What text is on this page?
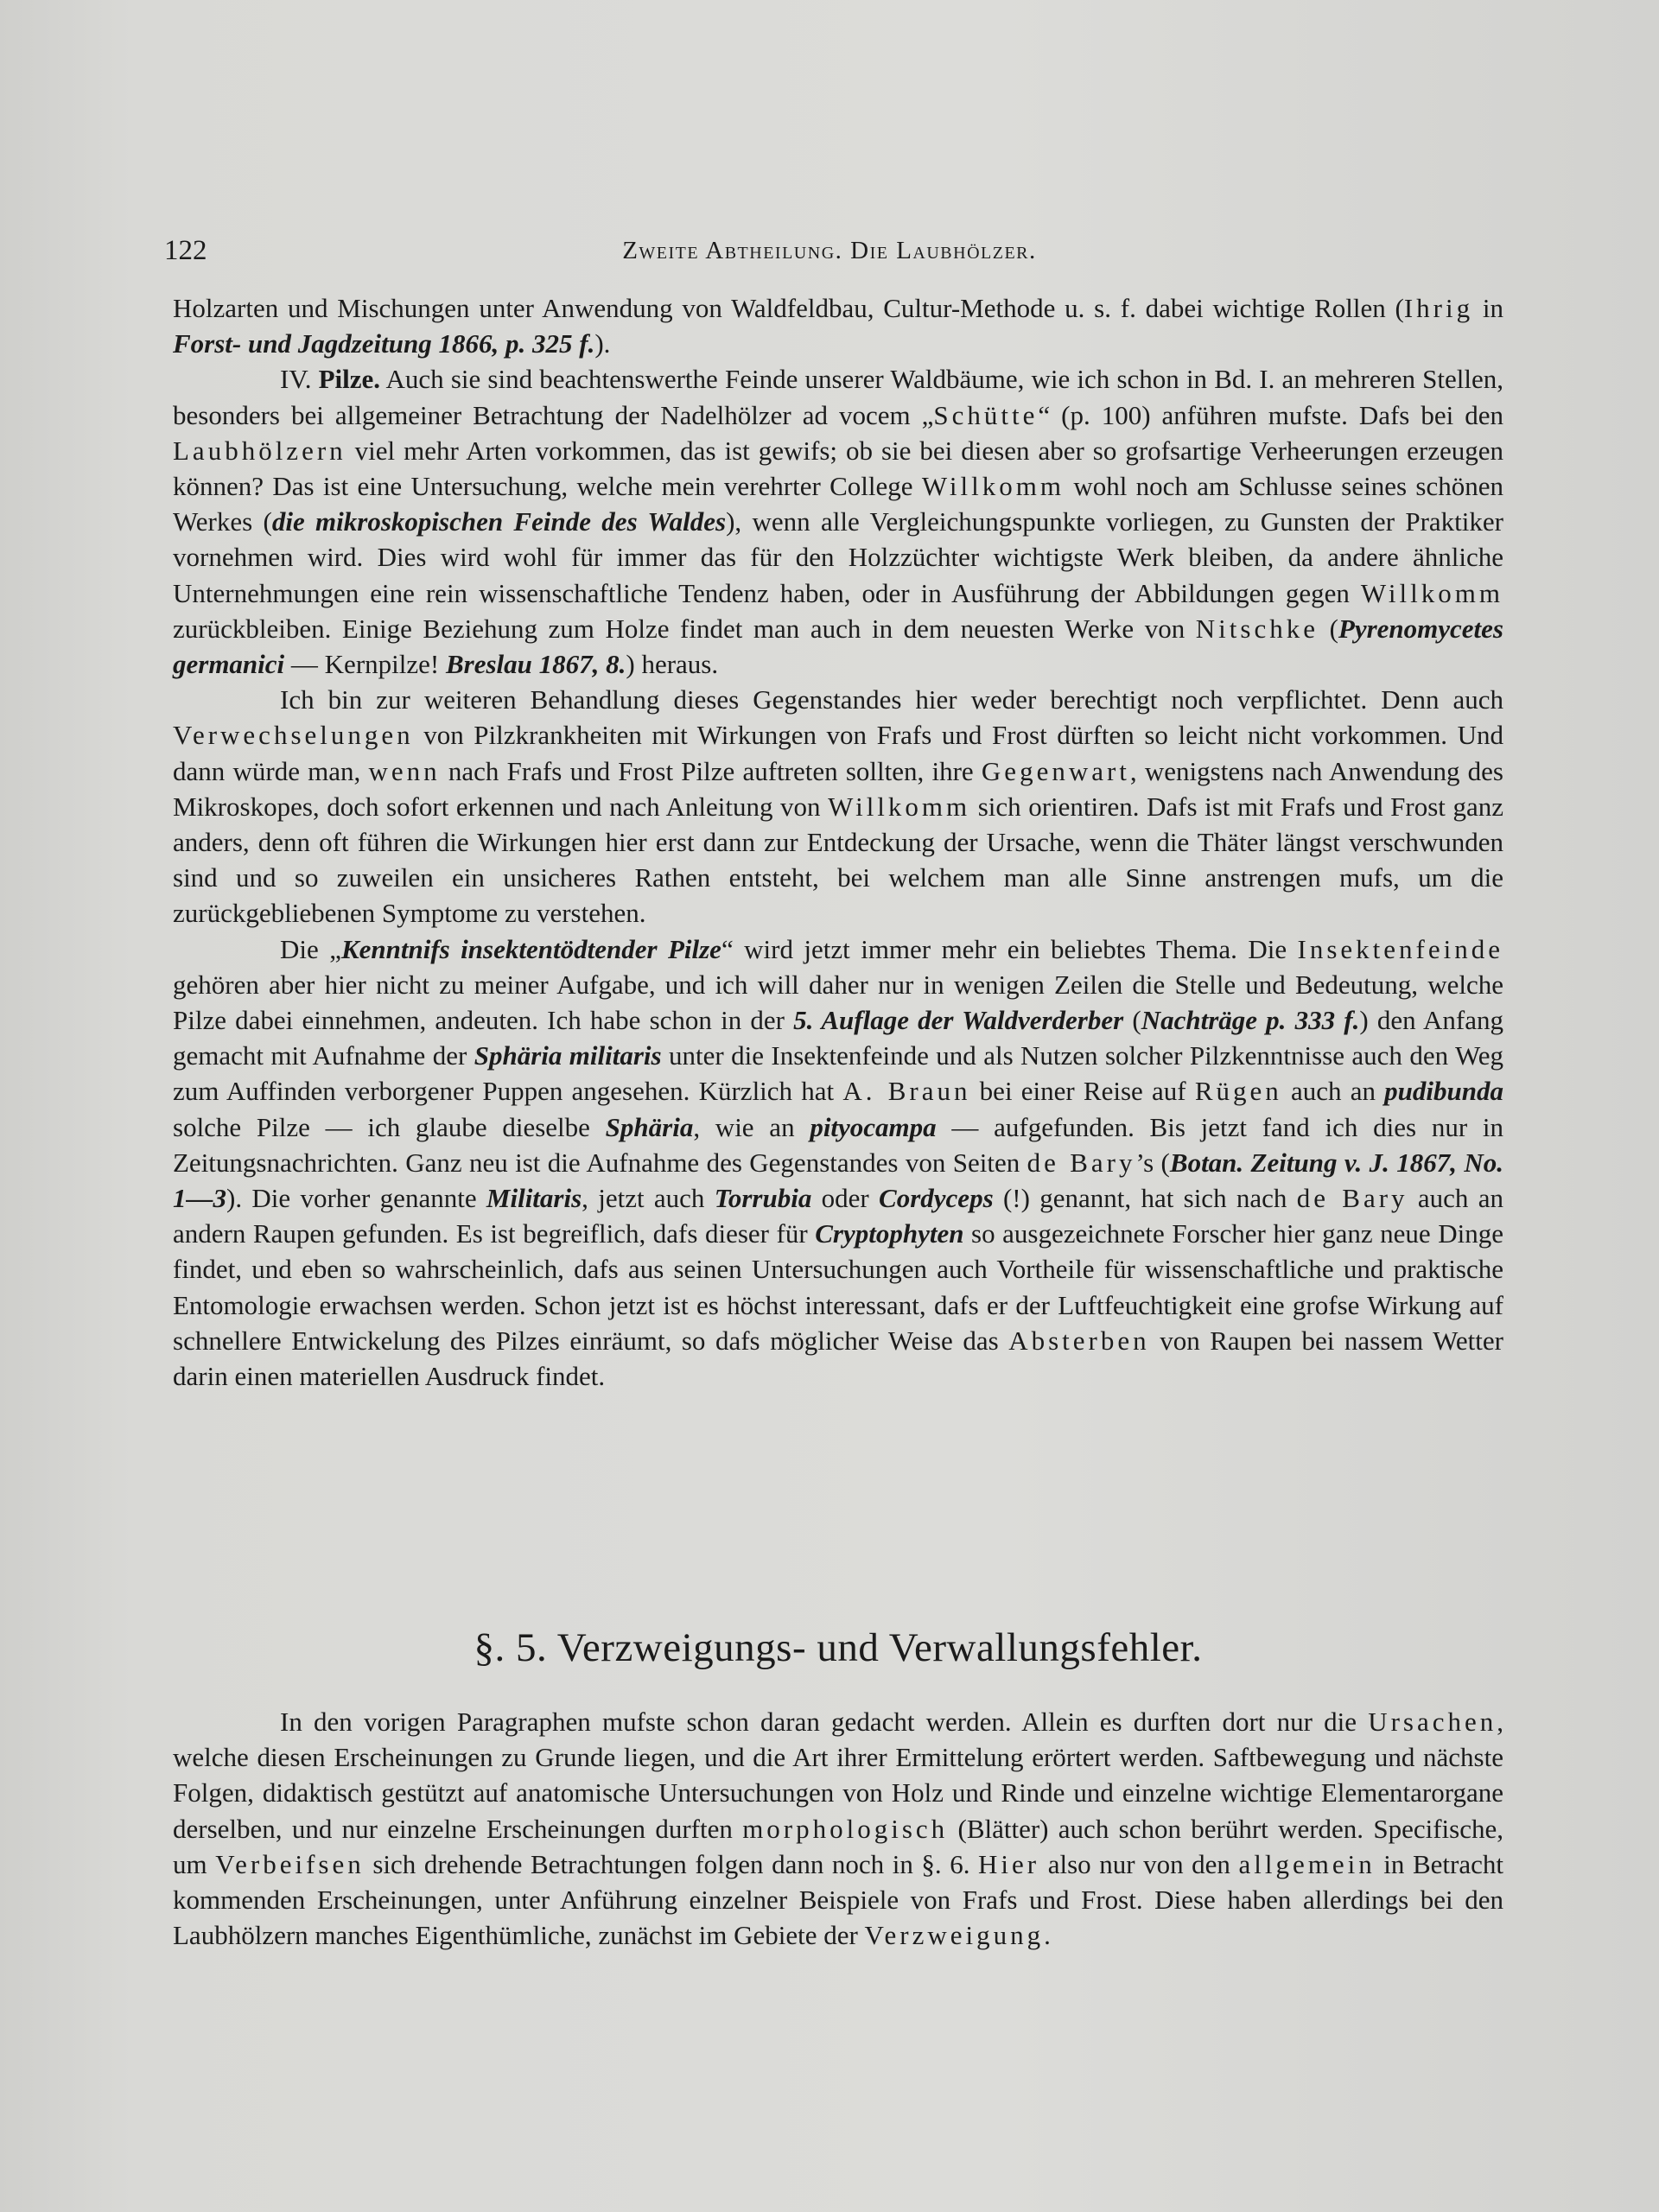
122	Zweite Abtheilung. Die Laubhölzer.

Holzarten und Mischungen unter Anwendung von Waldfeldbau, Cultur-Methode u. s. f. dabei wichtige Rollen (Ihrig in Forst- und Jagdzeitung 1866, p. 325 f.).

IV. Pilze. Auch sie sind beachtenswerthe Feinde unserer Waldbäume, wie ich schon in Bd. I. an mehreren Stellen, besonders bei allgemeiner Betrachtung der Nadelhölzer ad vocem „Schütte“ (p. 100) anführen mufste. Dafs bei den Laubhölzern viel mehr Arten vorkommen, das ist gewifs; ob sie bei diesen aber so grofsartige Verheerungen erzeugen können? Das ist eine Untersuchung, welche mein verehrter College Willkomm wohl noch am Schlusse seines schönen Werkes (die mikroskopischen Feinde des Waldes), wenn alle Vergleichungspunkte vorliegen, zu Gunsten der Praktiker vornehmen wird. Dies wird wohl für immer das für den Holzzüchter wichtigste Werk bleiben, da andere ähnliche Unternehmungen eine rein wissenschaftliche Tendenz haben, oder in Ausführung der Abbildungen gegen Willkomm zurückbleiben. Einige Beziehung zum Holze findet man auch in dem neuesten Werke von Nitschke (Pyrenomycetes germanici — Kernpilze! Breslau 1867, 8.) heraus.

Ich bin zur weiteren Behandlung dieses Gegenstandes hier weder berechtigt noch verpflichtet. Denn auch Verwechselungen von Pilzkrankheiten mit Wirkungen von Frafs und Frost dürften so leicht nicht vorkommen. Und dann würde man, wenn nach Frafs und Frost Pilze auftreten sollten, ihre Gegenwart, wenigstens nach Anwendung des Mikroskopes, doch sofort erkennen und nach Anleitung von Willkomm sich orientiren. Dafs ist mit Frafs und Frost ganz anders, denn oft führen die Wirkungen hier erst dann zur Entdeckung der Ursache, wenn die Thäter längst verschwunden sind und so zuweilen ein unsicheres Rathen entsteht, bei welchem man alle Sinne anstrengen mufs, um die zurückgebliebenen Symptome zu verstehen.

Die „Kenntnifs insektentödtender Pilze“ wird jetzt immer mehr ein beliebtes Thema. Die Insektenfeinde gehören aber hier nicht zu meiner Aufgabe, und ich will daher nur in wenigen Zeilen die Stelle und Bedeutung, welche Pilze dabei einnehmen, andeuten. Ich habe schon in der 5. Auflage der Waldverderber (Nachträge p. 333 f.) den Anfang gemacht mit Aufnahme der Sphäria militaris unter die Insektenfeinde und als Nutzen solcher Pilzkenntnisse auch den Weg zum Auffinden verborgener Puppen angesehen. Kürzlich hat A. Braun bei einer Reise auf Rügen auch an pudibunda solche Pilze — ich glaube dieselbe Sphäria, wie an pityocampa — aufgefunden. Bis jetzt fand ich dies nur in Zeitungsnachrichten. Ganz neu ist die Aufnahme des Gegenstandes von Seiten de Bary’s (Botan. Zeitung v. J. 1867, No. 1—3). Die vorher genannte Militaris, jetzt auch Torrubia oder Cordyceps (!) genannt, hat sich nach de Bary auch an andern Raupen gefunden. Es ist begreiflich, dafs dieser für Cryptophyten so ausgezeichnete Forscher hier ganz neue Dinge findet, und eben so wahrscheinlich, dafs aus seinen Untersuchungen auch Vortheile für wissenschaftliche und praktische Entomologie erwachsen werden. Schon jetzt ist es höchst interessant, dafs er der Luftfeuchtigkeit eine grofse Wirkung auf schnellere Entwickelung des Pilzes einräumt, so dafs möglicher Weise das Absterben von Raupen bei nassem Wetter darin einen materiellen Ausdruck findet.

§. 5. Verzweigungs- und Verwallungsfehler.

In den vorigen Paragraphen mufste schon daran gedacht werden. Allein es durften dort nur die Ursachen, welche diesen Erscheinungen zu Grunde liegen, und die Art ihrer Ermittelung erörtert werden. Saftbewegung und nächste Folgen, didaktisch gestützt auf anatomische Untersuchungen von Holz und Rinde und einzelne wichtige Elementarorgane derselben, und nur einzelne Erscheinungen durften morphologisch (Blätter) auch schon berührt werden. Specifische, um Verbeifsen sich drehende Betrachtungen folgen dann noch in §. 6. Hier also nur von den allgemein in Betracht kommenden Erscheinungen, unter Anführung einzelner Beispiele von Frafs und Frost. Diese haben allerdings bei den Laubhölzern manches Eigenthümliche, zunächst im Gebiete der Verzweigung.
